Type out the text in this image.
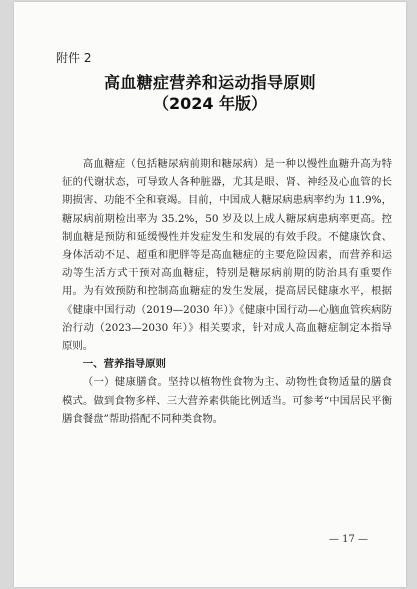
附件 2
高血糖症营养和运动指导原则
（2024 年版）

高血糖症（包括糖尿病前期和糖尿病）是一种以慢性血糖升高为特征的代谢状态，可导致人各种脏器，尤其是眼、肾、神经及心血管的长期损害、功能不全和衰竭。目前，中国成人糖尿病患病率约为 11.9%，糖尿病前期检出率为 35.2%，50 岁及以上成人糖尿病患病率更高。控制血糖是预防和延缓慢性并发症发生和发展的有效手段。不健康饮食、身体活动不足、超重和肥胖等是高血糖症的主要危险因素，而营养和运动等生活方式干预对高血糖症，特别是糖尿病前期的防治具有重要作用。为有效预防和控制高血糖症的发生发展，提高居民健康水平，根据《健康中国行动（2019—2030 年）》《健康中国行动—心脑血管疾病防治行动（2023—2030 年）》相关要求，针对成人高血糖症制定本指导原则。

一、营养指导原则

（一）健康膳食。坚持以植物性食物为主、动物性食物适量的膳食模式。做到食物多样、三大营养素供能比例适当。可参考“中国居民平衡膳食餐盘”帮助搭配不同种类食物。

— 17 —
